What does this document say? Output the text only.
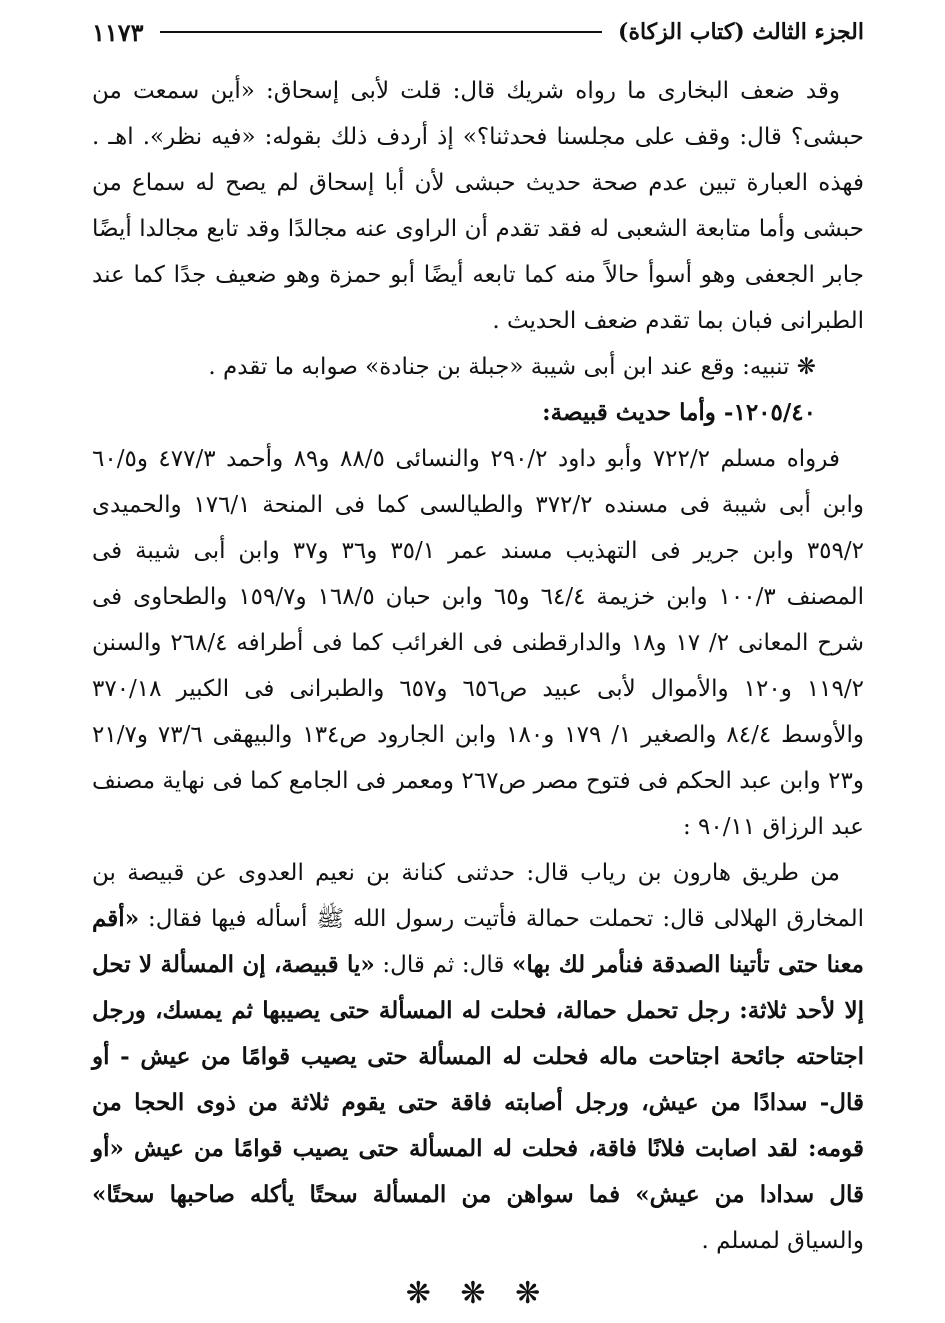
الجزء الثالث (كتاب الزكاة)
١١٧٣

وقد ضعف البخارى ما رواه شريك قال: قلت لأبى إسحاق: «أين سمعت من حبشى؟ قال: وقف على مجلسنا فحدثنا؟» إذ أردف ذلك بقوله: «فيه نظر». اهـ . فهذه العبارة تبين عدم صحة حديث حبشى لأن أبا إسحاق لم يصح له سماع من حبشى وأما متابعة الشعبى له فقد تقدم أن الراوى عنه مجالدًا وقد تابع مجالدا أيضًا جابر الجعفى وهو أسوأ حالاً منه كما تابعه أيضًا أبو حمزة وهو ضعيف جدًا كما عند الطبرانى فبان بما تقدم ضعف الحديث .

❋ تنبيه: وقع عند ابن أبى شيبة «جبلة بن جنادة» صوابه ما تقدم .

١٢٠٥/٤٠- وأما حديث قبيصة:

فرواه مسلم ٧٢٢/٢ وأبو داود ٢٩٠/٢ والنسائى ٨٨/٥ و٨٩ وأحمد ٤٧٧/٣ و٦٠/٥ وابن أبى شيبة فى مسنده ٣٧٢/٢ والطيالسى كما فى المنحة ١٧٦/١ والحميدى ٣٥٩/٢ وابن جرير فى التهذيب مسند عمر ٣٥/١ و٣٦ و٣٧ وابن أبى شيبة فى المصنف ١٠٠/٣ وابن خزيمة ٦٤/٤ و٦٥ وابن حبان ١٦٨/٥ و١٥٩/٧ والطحاوى فى شرح المعانى ٢/ ١٧ و١٨ والدارقطنى فى الغرائب كما فى أطرافه ٢٦٨/٤ والسنن ١١٩/٢ و١٢٠ والأموال لأبى عبيد ص٦٥٦ و٦٥٧ والطبرانى فى الكبير ٣٧٠/١٨ والأوسط ٨٤/٤ والصغير ١/ ١٧٩ و١٨٠ وابن الجارود ص١٣٤ والبيهقى ٧٣/٦ و٢١/٧ و٢٣ وابن عبد الحكم فى فتوح مصر ص٢٦٧ ومعمر فى الجامع كما فى نهاية مصنف عبد الرزاق ٩٠/١١ :

من طريق هارون بن رياب قال: حدثنى كنانة بن نعيم العدوى عن قبيصة بن المخارق الهلالى قال: تحملت حمالة فأتيت رسول الله ﷺ أسأله فيها فقال: «أقم معنا حتى تأتينا الصدقة فنأمر لك بها» قال: ثم قال: «يا قبيصة، إن المسألة لا تحل إلا لأحد ثلاثة: رجل تحمل حمالة، فحلت له المسألة حتى يصيبها ثم يمسك، ورجل اجتاحته جائحة اجتاحت ماله فحلت له المسألة حتى يصيب قوامًا من عيش - أو قال- سدادًا من عيش، ورجل أصابته فاقة حتى يقوم ثلاثة من ذوى الحجا من قومه: لقد اصابت فلانًا فاقة، فحلت له المسألة حتى يصيب قوامًا من عيش «أو قال سدادا من عيش» فما سواهن من المسألة سحتًا يأكله صاحبها سحتًا» والسياق لمسلم .

❋ ❋ ❋
